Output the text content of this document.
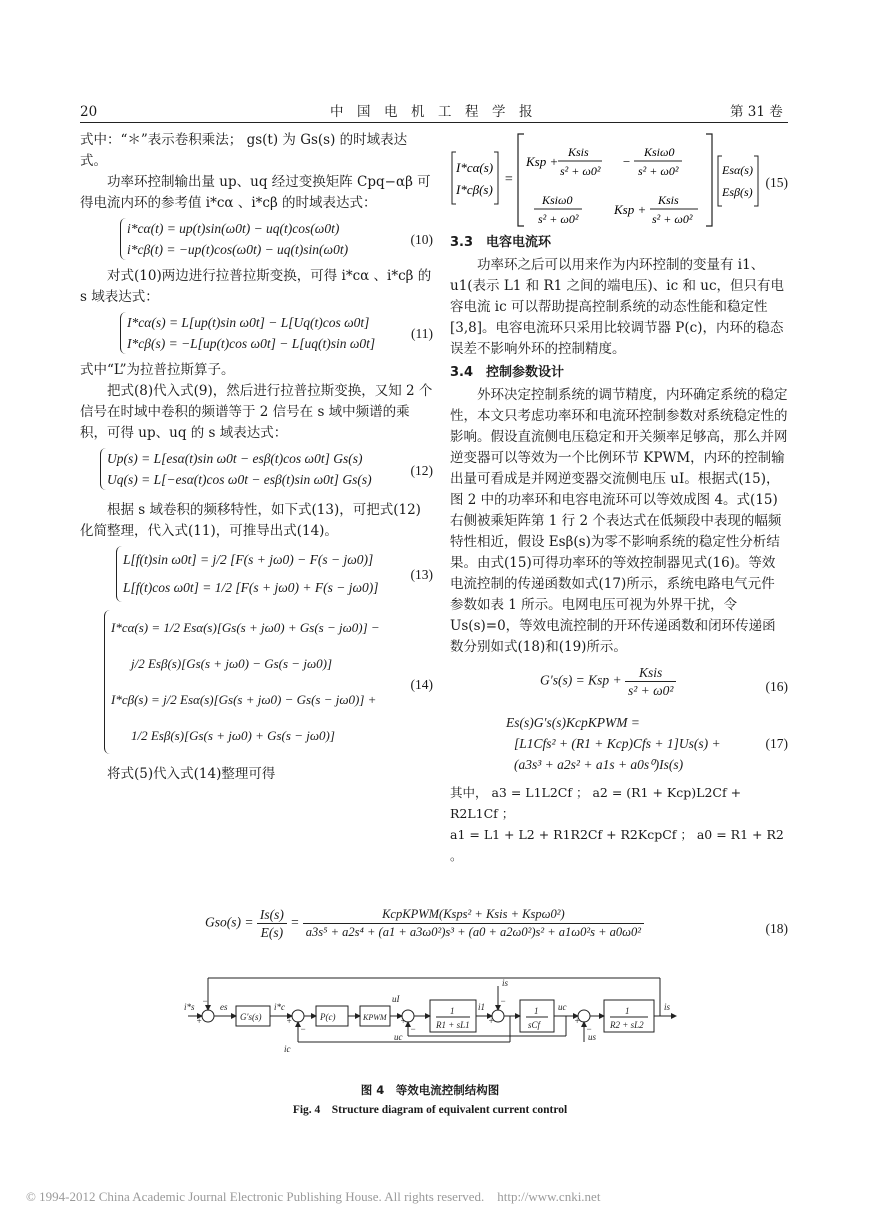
20	中　国　电　机　工　程　学　报	第 31 卷

式中：“＊”表示卷积乘法； gs(t) 为 Gs(s) 的时域表达式。

功率环控制输出量 up、uq 经过变换矩阵 Cpq−αβ 可得电流内环的参考值 i*cα 、i*cβ 的时域表达式：

i*cα(t) = up(t)sin(ω0t) − uq(t)cos(ω0t)
i*cβ(t) = −up(t)cos(ω0t) − uq(t)sin(ω0t)
(10)

对式(10)两边进行拉普拉斯变换，可得 i*cα 、i*cβ 的 s 域表达式：

I*cα(s) = L[up(t)sin ω0t] − L[Uq(t)cos ω0t]
I*cβ(s) = −L[up(t)cos ω0t] − L[uq(t)sin ω0t]
(11)

式中“L”为拉普拉斯算子。

把式(8)代入式(9)，然后进行拉普拉斯变换，又知 2 个信号在时域中卷积的频谱等于 2 信号在 s 域中频谱的乘积，可得 up、uq 的 s 域表达式：

Up(s) = L[esα(t)sin ω0t − esβ(t)cos ω0t] Gs(s)
Uq(s) = L[−esα(t)cos ω0t − esβ(t)sin ω0t] Gs(s)
(12)

根据 s 域卷积的频移特性，如下式(13)，可把式(12)化简整理，代入式(11)，可推导出式(14)。

L[f(t)sin ω0t] = j/2 [F(s + jω0) − F(s − jω0)]
L[f(t)cos ω0t] = 1/2 [F(s + jω0) + F(s − jω0)]
(13)
I*cα(s) = 1/2 Esα(s)[Gs(s + jω0) + Gs(s − jω0)] −
j/2 Esβ(s)[Gs(s + jω0) − Gs(s − jω0)]
I*cβ(s) = j/2 Esα(s)[Gs(s + jω0) − Gs(s − jω0)] +
1/2 Esβ(s)[Gs(s + jω0) + Gs(s − jω0)]
(14)

将式(5)代入式(14)整理可得

I*cα(s)
I*cβ(s)
=
Ksp +
Ksis
s² + ω0²
−
Ksiω0
s² + ω0²
Ksiω0
s² + ω0²
Ksp +
Ksis
s² + ω0²
Esα(s)
Esβ(s)
(15)
3.3　电容电流环

功率环之后可以用来作为内环控制的变量有 i1、u1(表示 L1 和 R1 之间的端电压)、ic 和 uc，但只有电容电流 ic 可以帮助提高控制系统的动态性能和稳定性[3,8]。电容电流环只采用比较调节器 P(c)，内环的稳态误差不影响外环的控制精度。

3.4　控制参数设计

外环决定控制系统的调节精度，内环确定系统的稳定性，本文只考虑功率环和电流环控制参数对系统稳定性的影响。假设直流侧电压稳定和开关频率足够高，那么并网逆变器可以等效为一个比例环节 KPWM，内环的控制输出量可看成是并网逆变器交流侧电压 uI。根据式(15)，图 2 中的功率环和电容电流环可以等效成图 4。式(15)右侧被乘矩阵第 1 行 2 个表达式在低频段中表现的幅频特性相近，假设 Esβ(s)为零不影响系统的稳定性分析结果。由式(15)可得功率环的等效控制器见式(16)。等效电流控制的传递函数如式(17)所示，系统电路电气元件参数如表 1 所示。电网电压可视为外界干扰，令 Us(s)=0，等效电流控制的开环传递函数和闭环传递函数分别如式(18)和(19)所示。

G′s(s) = Ksp + $\frac{\text{Ksis}}{\text{s² + ω0²}}$	(16)
Es(s)G′s(s)KcpKPWM =
[L1Cfs² + (R1 + Kcp)Cfs + 1]Us(s) +
(a3s³ + a2s² + a1s + a0s⁰)Is(s)
(17)

其中， a3 = L1L2Cf ； a2 = (R1 + Kcp)L2Cf + R2L1Cf ；

a1 = L1 + L2 + R1R2Cf + R2KcpCf ； a0 = R1 + R2 。

$Gso(s) = \frac{Is(s)}{E(s)}$ =
KcpKPWM(Ksps² + Ksis + Kspω0²)
a3s⁵ + a2s⁴ + (a1 + a3ω0²)s³ + (a0 + a2ω0²)s² + a1ω0²s + a0ω0²	(18)
i*s	es
G′s(s)
i*c
P(c)	KPWM
uI
1
R1 + sL1
i1
is
1
sCf
uc	1
R2 + sL2
is
us
ic
uc
−
+	+
−
+
−
+
−
+
−
图 4　等效电流控制结构图
Fig. 4　Structure diagram of equivalent current control
© 1994-2012 China Academic Journal Electronic Publishing House. All rights reserved.    http://www.cnki.net
